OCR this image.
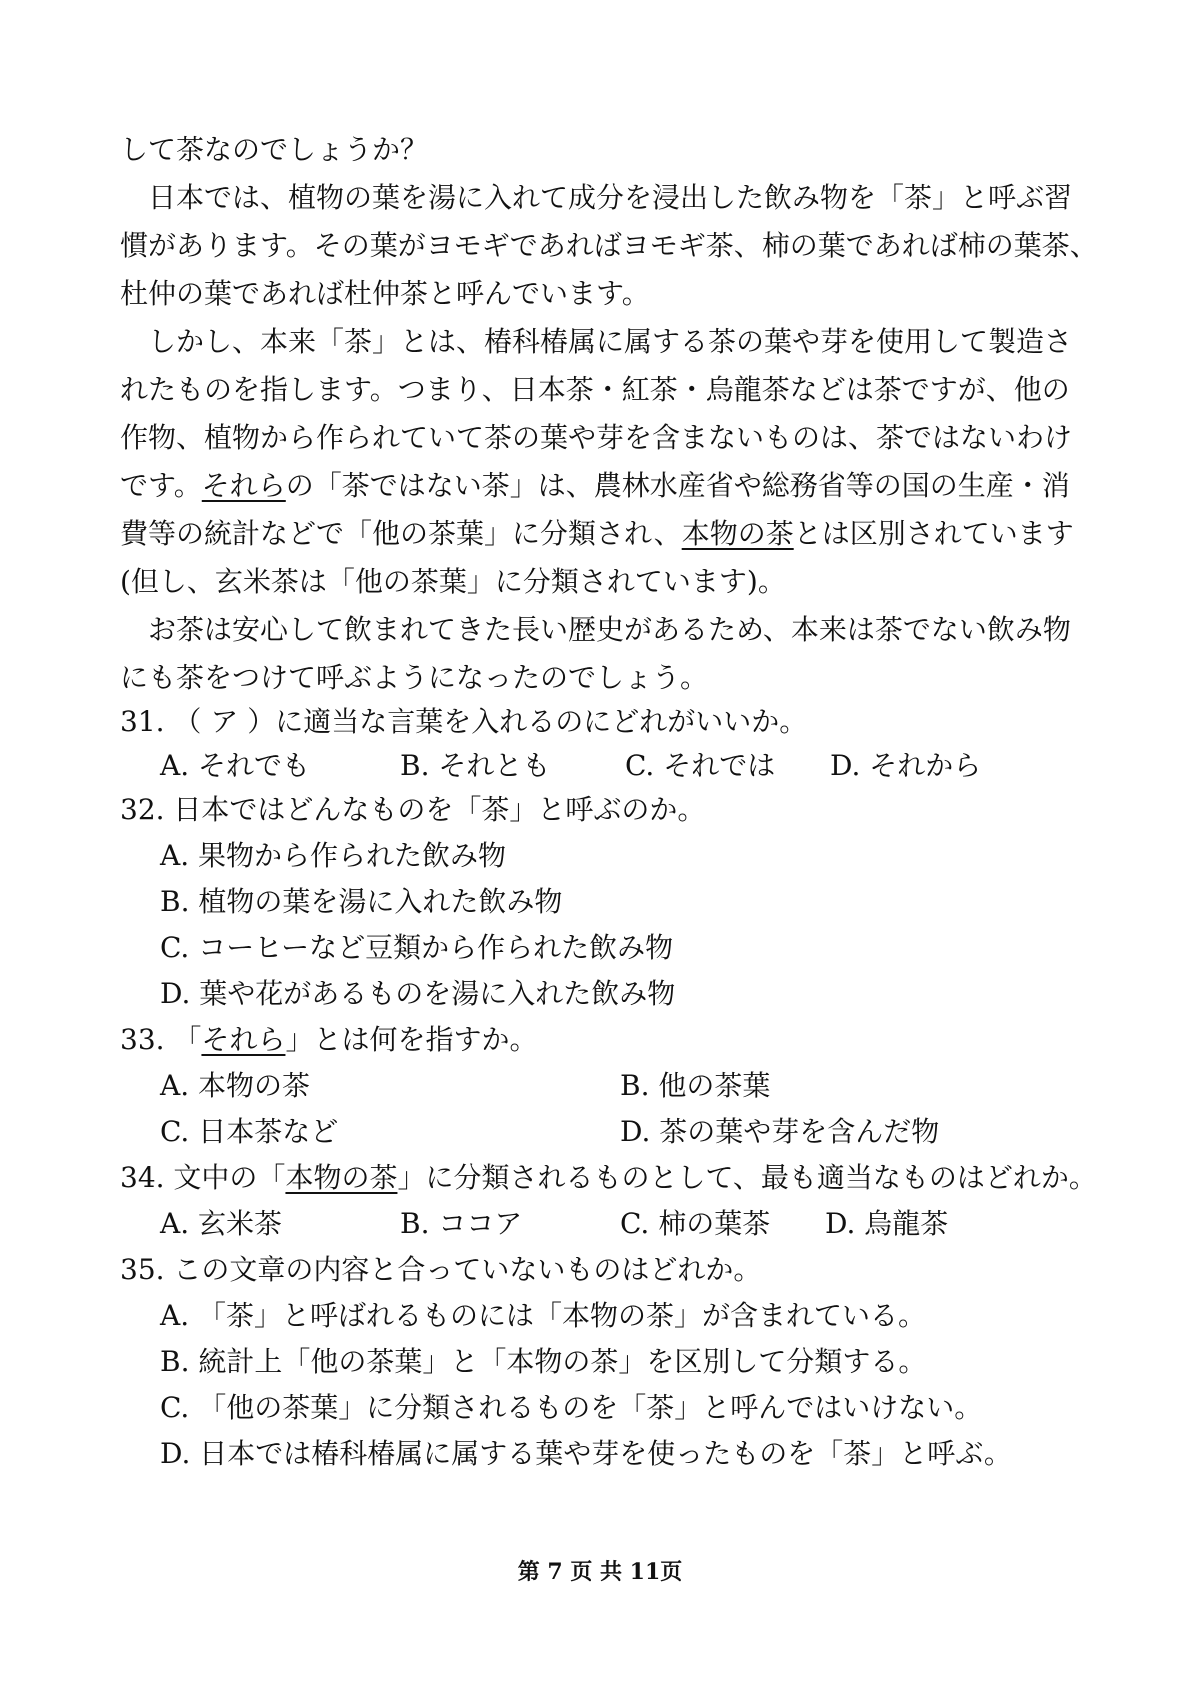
して茶なのでしょうか？
　日本では、植物の葉を湯に入れて成分を浸出した飲み物を「茶」と呼ぶ習
慣があります。その葉がヨモギであればヨモギ茶、柿の葉であれば柿の葉茶、
杜仲の葉であれば杜仲茶と呼んでいます。
　しかし、本来「茶」とは、椿科椿属に属する茶の葉や芽を使用して製造さ
れたものを指します。つまり、日本茶・紅茶・烏龍茶などは茶ですが、他の
作物、植物から作られていて茶の葉や芽を含まないものは、茶ではないわけ
です。それらの「茶ではない茶」は、農林水産省や総務省等の国の生産・消
費等の統計などで「他の茶葉」に分類され、本物の茶とは区別されています
(但し、玄米茶は「他の茶葉」に分類されています)。
　お茶は安心して飲まれてきた長い歴史があるため、本来は茶でない飲み物
にも茶をつけて呼ぶようになったのでしょう。
31. （ ア ）に適当な言葉を入れるのにどれがいいか。
A. それでも	B. それとも	C. それでは D. それから
32. 日本ではどんなものを「茶」と呼ぶのか。
A. 果物から作られた飲み物
B. 植物の葉を湯に入れた飲み物
C. コーヒーなど豆類から作られた飲み物
D. 葉や花があるものを湯に入れた飲み物
33. 「それら」とは何を指すか。
A. 本物の茶	B. 他の茶葉
C. 日本茶など	D. 茶の葉や芽を含んだ物
34. 文中の「本物の茶」に分類されるものとして、最も適当なものはどれか。
A. 玄米茶	B. ココア	C. 柿の葉茶 D. 烏龍茶
35. この文章の内容と合っていないものはどれか。
A. 「茶」と呼ばれるものには「本物の茶」が含まれている。
B. 統計上「他の茶葉」と「本物の茶」を区別して分類する。
C. 「他の茶葉」に分類されるものを「茶」と呼んではいけない。
D. 日本では椿科椿属に属する葉や芽を使ったものを「茶」と呼ぶ。
第 7 页 共 11页
